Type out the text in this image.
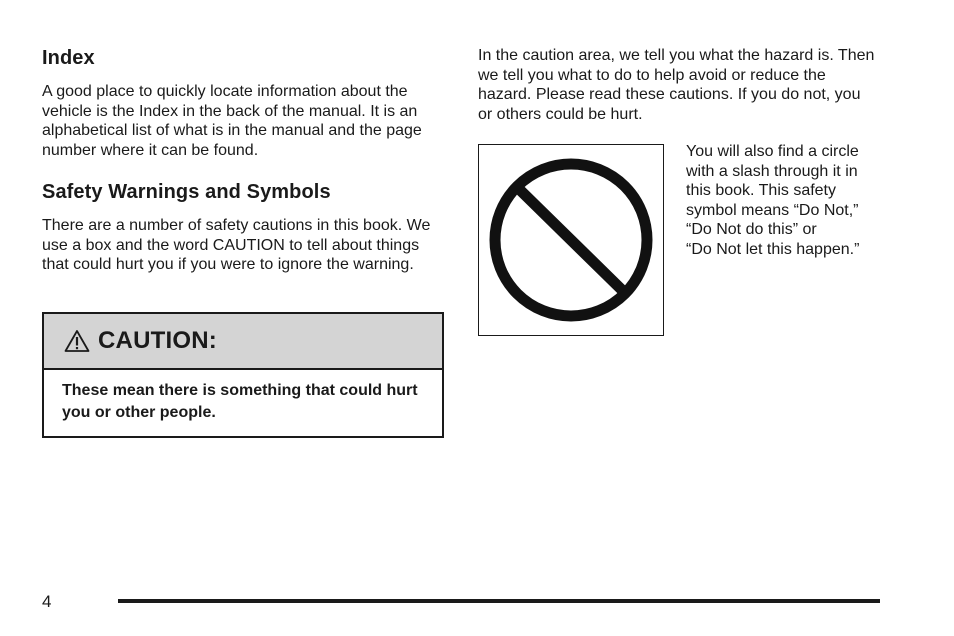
Index

A good place to quickly locate information about the vehicle is the Index in the back of the manual. It is an alphabetical list of what is in the manual and the page number where it can be found.

Safety Warnings and Symbols

There are a number of safety cautions in this book. We use a box and the word CAUTION to tell about things that could hurt you if you were to ignore the warning.

CAUTION:
These mean there is something that could hurt you or other people.

In the caution area, we tell you what the hazard is. Then we tell you what to do to help avoid or reduce the hazard. Please read these cautions. If you do not, you or others could be hurt.

You will also find a circle

with a slash through it in

this book. This safety

symbol means “Do Not,”

“Do Not do this” or

“Do Not let this happen.”

4
